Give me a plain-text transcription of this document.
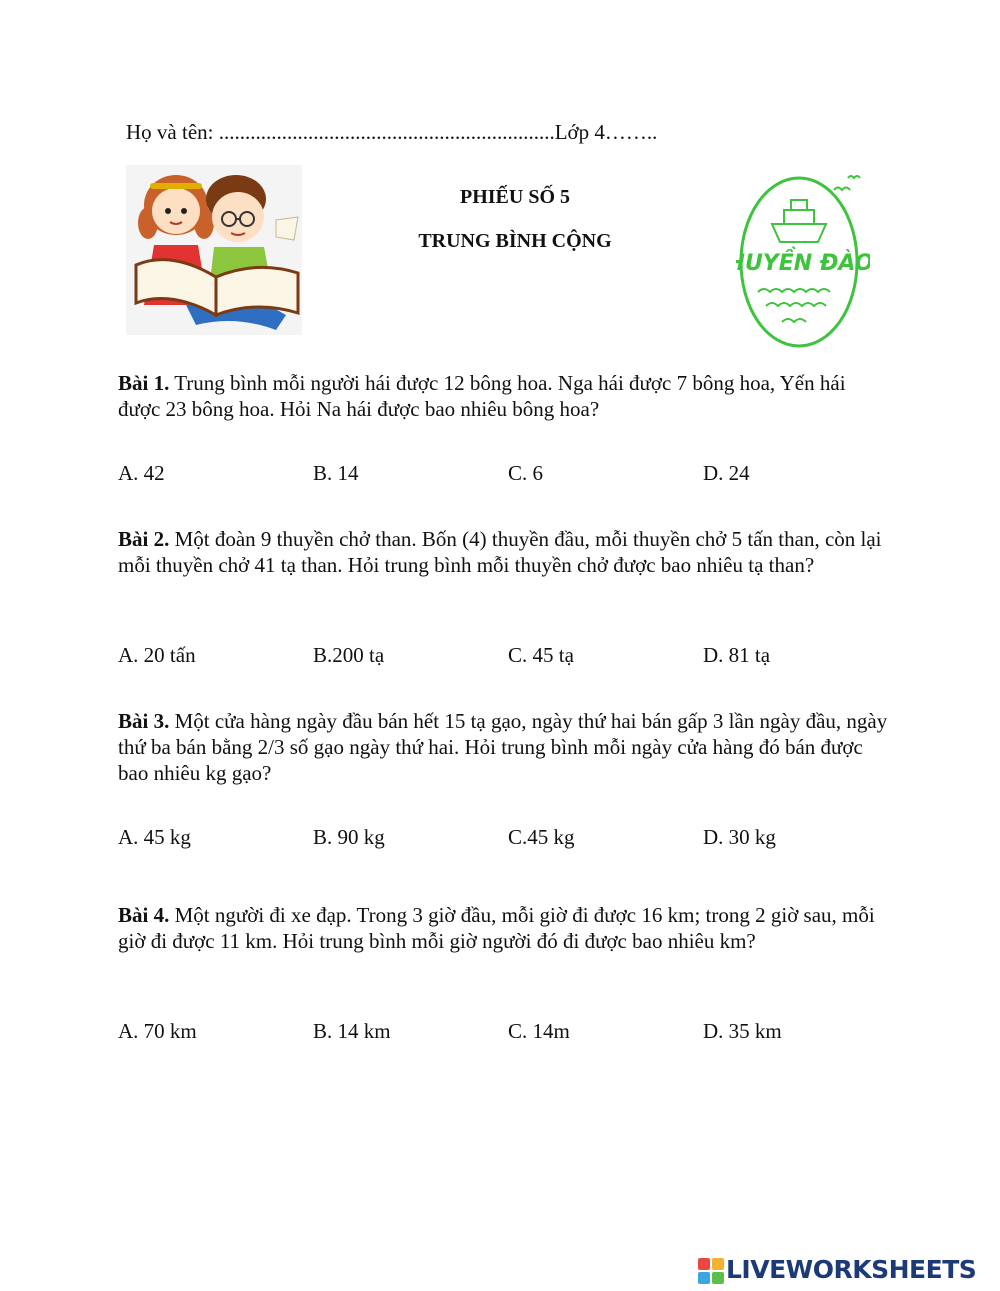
Họ và tên: ................................................................Lớp 4……..
PHIẾU SỐ 5
TRUNG BÌNH CỘNG
HUYỀN ĐÀO
Bài 1. Trung bình mỗi người hái được 12 bông hoa. Nga hái được 7 bông hoa, Yến hái được 23 bông hoa. Hỏi Na hái được bao nhiêu bông hoa?
A. 42	B. 14	C. 6	D. 24
Bài 2. Một đoàn 9 thuyền chở than. Bốn (4) thuyền đầu, mỗi thuyền chở 5 tấn than, còn lại mỗi thuyền chở 41 tạ than. Hỏi trung bình mỗi thuyền chở được bao nhiêu tạ than?
A. 20 tấn	B.200 tạ	C. 45 tạ	D. 81 tạ
Bài 3. Một cửa hàng ngày đầu bán hết 15 tạ gạo, ngày thứ hai bán gấp 3 lần ngày đầu, ngày thứ ba bán bằng 2/3 số gạo ngày thứ hai. Hỏi trung bình mỗi ngày cửa hàng đó bán được bao nhiêu kg gạo?
A. 45 kg	B. 90 kg	C.45 kg	D. 30 kg
Bài 4. Một người đi xe đạp. Trong 3 giờ đầu, mỗi giờ đi được 16 km; trong 2 giờ sau, mỗi giờ đi được 11 km. Hỏi trung bình mỗi giờ người đó đi được bao nhiêu km?
A. 70 km	B. 14 km	C. 14m	D. 35 km
LIVEWORKSHEETS
